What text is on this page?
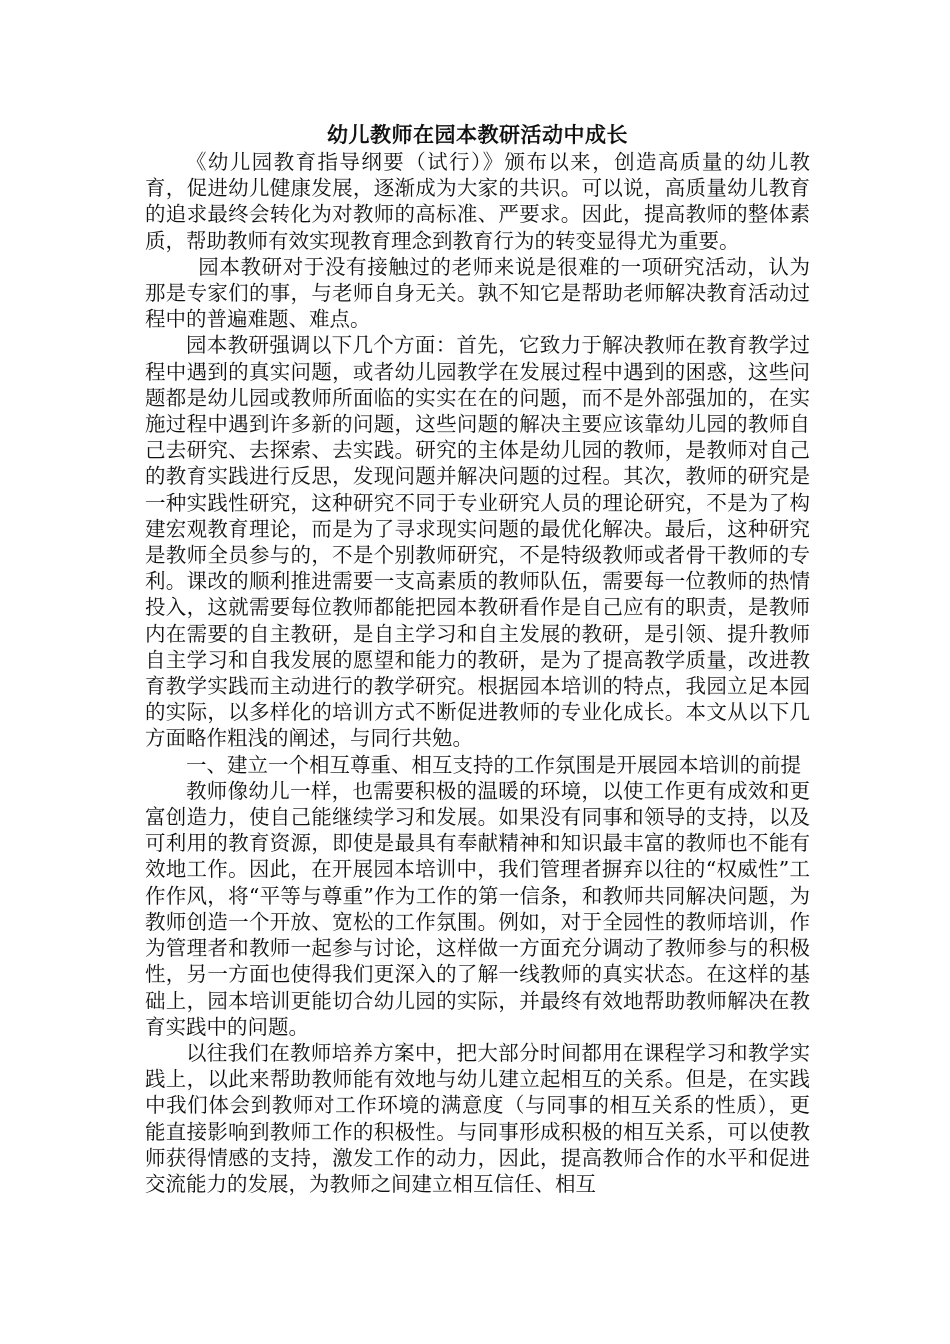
幼儿教师在园本教研活动中成长

《幼儿园教育指导纲要（试行）》颁布以来，创造高质量的幼儿教育，促进幼儿健康发展，逐渐成为大家的共识。可以说，高质量幼儿教育的追求最终会转化为对教师的高标准、严要求。因此，提高教师的整体素质，帮助教师有效实现教育理念到教育行为的转变显得尤为重要。

园本教研对于没有接触过的老师来说是很难的一项研究活动，认为那是专家们的事，与老师自身无关。孰不知它是帮助老师解决教育活动过程中的普遍难题、难点。

园本教研强调以下几个方面：首先，它致力于解决教师在教育教学过程中遇到的真实问题，或者幼儿园教学在发展过程中遇到的困惑，这些问题都是幼儿园或教师所面临的实实在在的问题，而不是外部强加的，在实施过程中遇到许多新的问题，这些问题的解决主要应该靠幼儿园的教师自己去研究、去探索、去实践。研究的主体是幼儿园的教师，是教师对自己的教育实践进行反思，发现问题并解决问题的过程。其次，教师的研究是一种实践性研究，这种研究不同于专业研究人员的理论研究，不是为了构建宏观教育理论，而是为了寻求现实问题的最优化解决。最后，这种研究是教师全员参与的，不是个别教师研究，不是特级教师或者骨干教师的专利。课改的顺利推进需要一支高素质的教师队伍，需要每一位教师的热情投入，这就需要每位教师都能把园本教研看作是自己应有的职责，是教师内在需要的自主教研，是自主学习和自主发展的教研，是引领、提升教师自主学习和自我发展的愿望和能力的教研，是为了提高教学质量，改进教育教学实践而主动进行的教学研究。根据园本培训的特点，我园立足本园的实际，以多样化的培训方式不断促进教师的专业化成长。本文从以下几方面略作粗浅的阐述，与同行共勉。

一、建立一个相互尊重、相互支持的工作氛围是开展园本培训的前提

教师像幼儿一样，也需要积极的温暖的环境，以使工作更有成效和更富创造力，使自己能继续学习和发展。如果没有同事和领导的支持，以及可利用的教育资源，即使是最具有奉献精神和知识最丰富的教师也不能有效地工作。因此，在开展园本培训中，我们管理者摒弃以往的“权威性”工作作风，将“平等与尊重”作为工作的第一信条，和教师共同解决问题，为教师创造一个开放、宽松的工作氛围。例如，对于全园性的教师培训，作为管理者和教师一起参与讨论，这样做一方面充分调动了教师参与的积极性，另一方面也使得我们更深入的了解一线教师的真实状态。在这样的基础上，园本培训更能切合幼儿园的实际，并最终有效地帮助教师解决在教育实践中的问题。

以往我们在教师培养方案中，把大部分时间都用在课程学习和教学实践上，以此来帮助教师能有效地与幼儿建立起相互的关系。但是，在实践中我们体会到教师对工作环境的满意度（与同事的相互关系的性质），更能直接影响到教师工作的积极性。与同事形成积极的相互关系，可以使教师获得情感的支持，激发工作的动力，因此，提高教师合作的水平和促进交流能力的发展，为教师之间建立相互信任、相互
